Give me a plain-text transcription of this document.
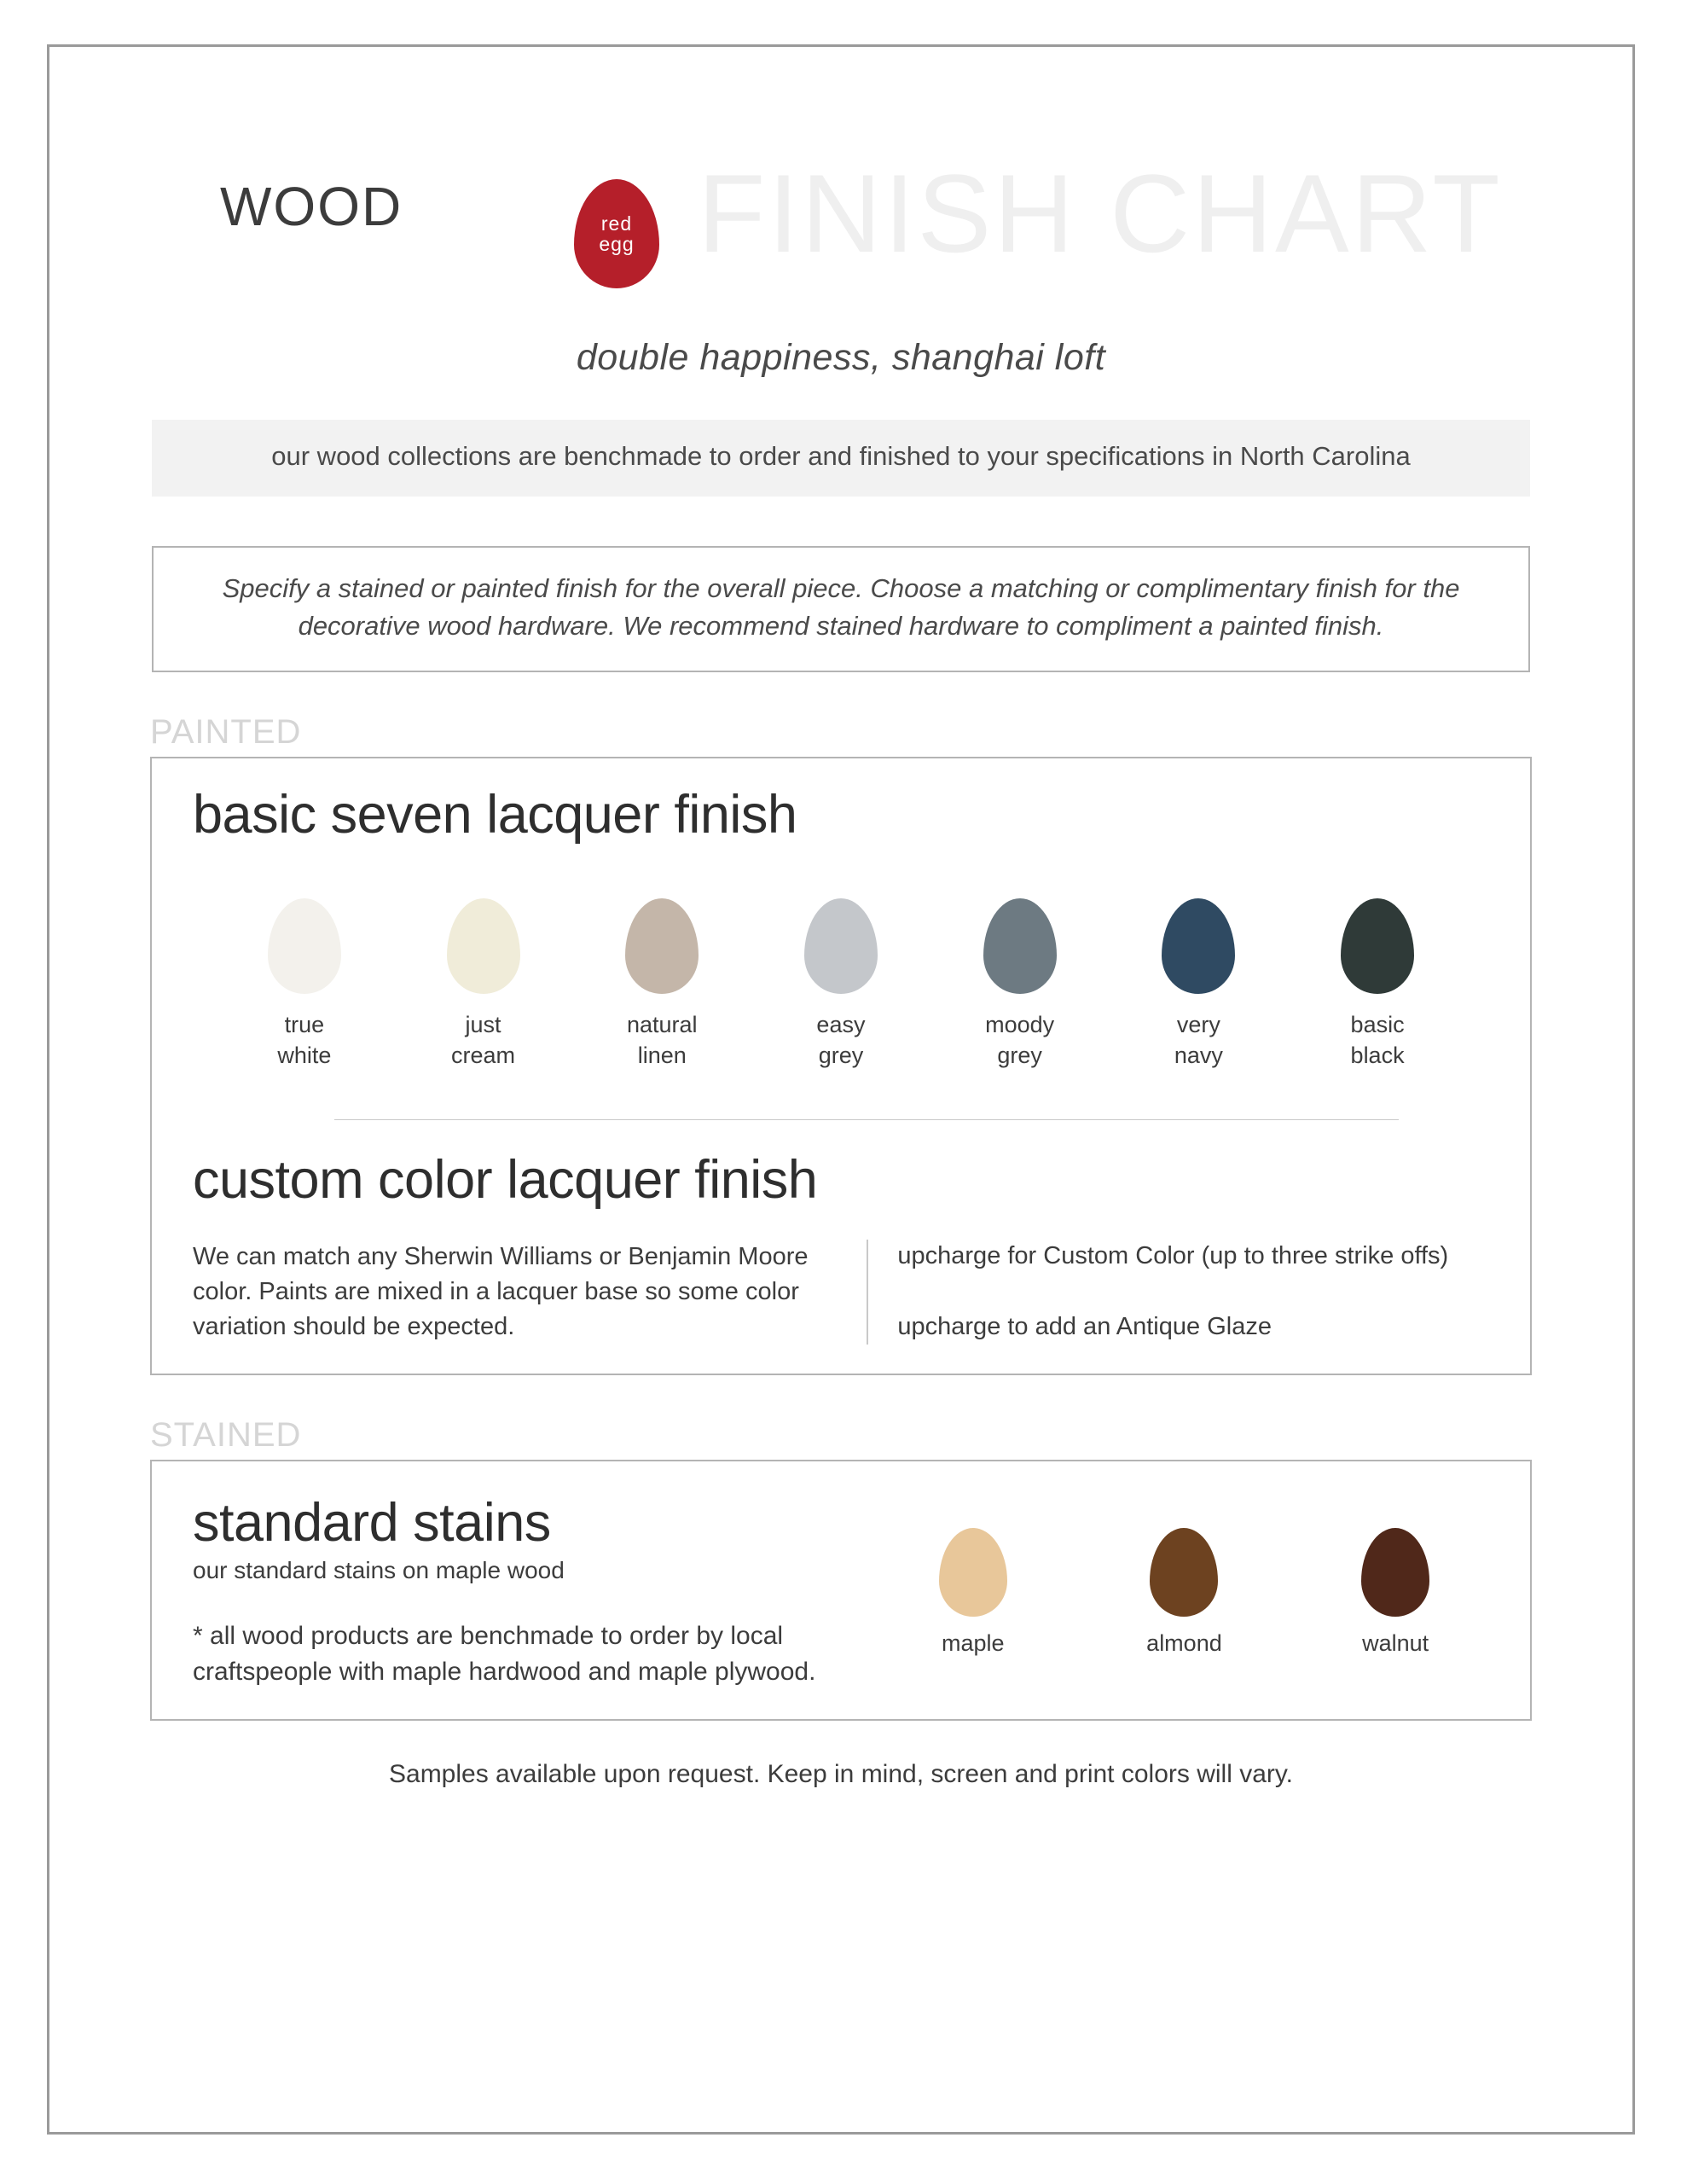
FINISH CHART
WOOD	red
egg
double happiness, shanghai loft
our wood collections are benchmade to order and finished to your specifications in North Carolina
Specify a stained or painted finish for the overall piece. Choose a matching or complimentary finish for the decorative wood hardware. We recommend stained hardware to compliment a painted finish.
PAINTED
basic seven lacquer finish
true
white
just
cream
natural
linen
easy
grey
moody
grey
very
navy
basic
black
custom color lacquer finish
We can match any Sherwin Williams or Benjamin Moore color. Paints are mixed in a lacquer base so some color variation should be expected.

upcharge for Custom Color (up to three strike offs)

upcharge to add an Antique Glaze

STAINED
standard stains
our standard stains on maple wood
* all wood products are benchmade to order by local craftspeople with maple hardwood and maple plywood.
maple	almond	walnut
Samples available upon request. Keep in mind, screen and print colors will vary.
